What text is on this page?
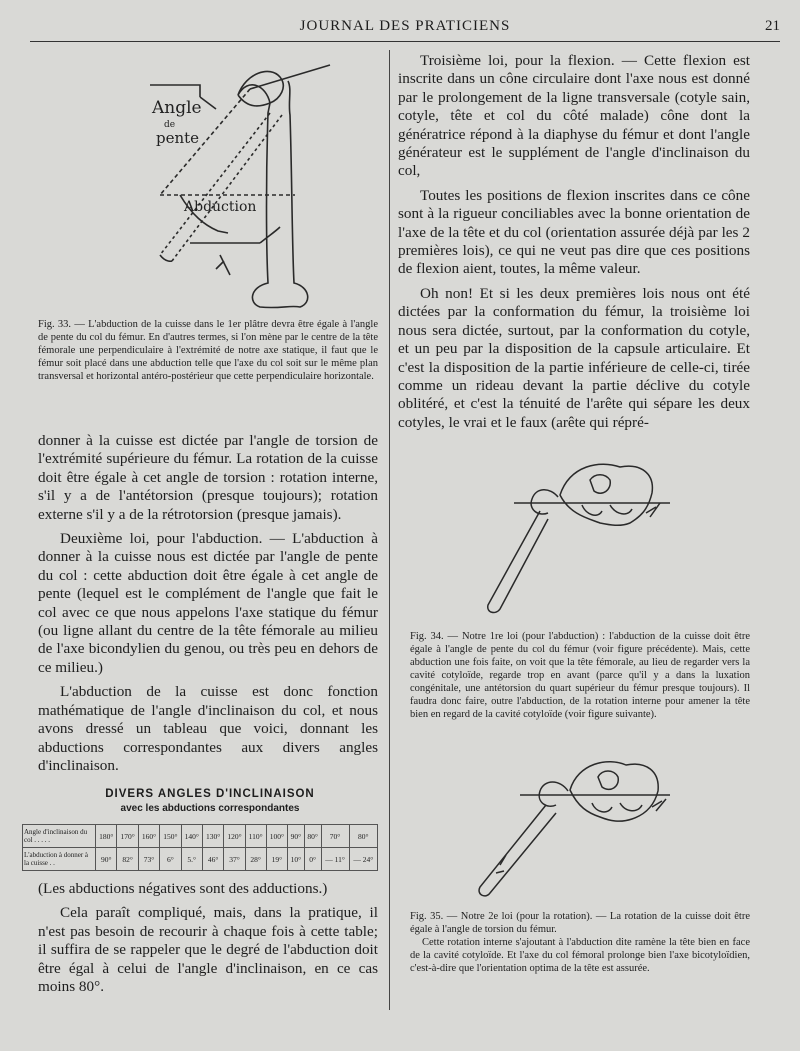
JOURNAL DES PRATICIENS	21
Angle
de
pente
Abduction
Fig. 33. — L'abduction de la cuisse dans le 1er plâtre devra être égale à l'angle de pente du col du fémur. En d'autres termes, si l'on mène par le centre de la tête fémorale une perpendiculaire à l'extrémité de notre axe statique, il faut que le fémur soit placé dans une abduction telle que l'axe du col soit sur le même plan transversal et horizontal antéro-postérieur que cette perpendiculaire horizontale.

donner à la cuisse est dictée par l'angle de torsion de l'extrémité supérieure du fémur. La rotation de la cuisse doit être égale à cet angle de torsion : rotation interne, s'il y a de l'antétorsion (presque toujours); rotation externe s'il y a de la rétrotorsion (presque jamais).

Deuxième loi, pour l'abduction. — L'abduction à donner à la cuisse nous est dictée par l'angle de pente du col : cette abduction doit être égale à cet angle de pente (lequel est le complément de l'angle que fait le col avec ce que nous appelons l'axe statique du fémur (ou ligne allant du centre de la tête fémorale au milieu de l'axe bicondylien du genou, ou très peu en dehors de ce milieu.)

L'abduction de la cuisse est donc fonction mathématique de l'angle d'inclinaison du col, et nous avons dressé un tableau que voici, donnant les abductions correspondantes aux divers angles d'inclinaison.

DIVERS ANGLES D'INCLINAISON
avec les abductions correspondantes
Angle d'inclinaison du col . . . . .	180°	170°	160°	150°	140°	130°	120°	110°	100°	90°	80°	70°	80°
L'abduction à donner à la cuisse . .	90°	82°	73°	6°	5.°	46°	37°	28°	19°	10°	0°	— 11°	— 24°

(Les abductions négatives sont des adductions.)

Cela paraît compliqué, mais, dans la pratique, il n'est pas besoin de recourir à chaque fois à cette table; il suffira de se rappeler que le degré de l'abduction doit être égal à celui de l'angle d'inclinaison, en ce cas moins 80°.

Troisième loi, pour la flexion. — Cette flexion est inscrite dans un cône circulaire dont l'axe nous est donné par le prolongement de la ligne transversale (cotyle sain, cotyle, tête et col du côté malade) cône dont la génératrice répond à la diaphyse du fémur et dont l'angle générateur est le supplément de l'angle d'inclinaison du col,

Toutes les positions de flexion inscrites dans ce cône sont à la rigueur conciliables avec la bonne orientation de l'axe de la tête et du col (orientation assurée déjà par les 2 premières lois), ce qui ne veut pas dire que ces positions de flexion aient, toutes, la même valeur.

Oh non! Et si les deux premières lois nous ont été dictées par la conformation du fémur, la troisième loi nous sera dictée, surtout, par la conformation du cotyle, et un peu par la disposition de la capsule articulaire. Et c'est la disposition de la partie inférieure de celle-ci, tirée comme un rideau devant la partie déclive du cotyle oblitéré, et c'est la ténuité de l'arête qui sépare les deux cotyles, le vrai et le faux (arête qui répré-

Fig. 34. — Notre 1re loi (pour l'abduction) : l'abduction de la cuisse doit être égale à l'angle de pente du col du fémur (voir figure précédente). Mais, cette abduction une fois faite, on voit que la tête fémorale, au lieu de regarder vers la cavité cotyloïde, regarde trop en avant (parce qu'il y a dans la luxation congénitale, une antétorsion du quart supérieur du fémur presque toujours). Il faudra donc faire, outre l'abduction, de la rotation interne pour amener la tête bien en regard de la cavité cotyloïde (voir figure suivante).
Fig. 35. — Notre 2e loi (pour la rotation). — La rotation de la cuisse doit être égale à l'angle de torsion du fémur.
Cette rotation interne s'ajoutant à l'abduction dite ramène la tête bien en face de la cavité cotyloïde. Et l'axe du col fémoral prolonge bien l'axe bicotyloïdien, c'est-à-dire que l'orientation optima de la tête est assurée.
